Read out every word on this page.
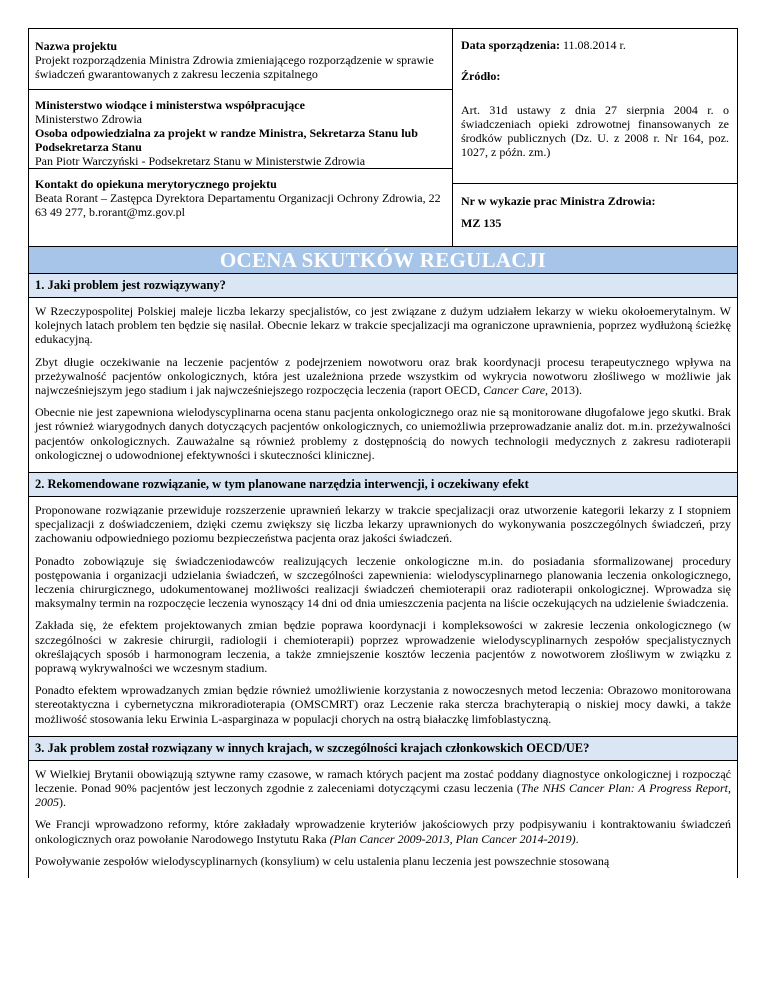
Nazwa projektu
Projekt rozporządzenia Ministra Zdrowia zmieniającego rozporządzenie w sprawie świadczeń gwarantowanych z zakresu leczenia szpitalnego
Ministerstwo wiodące i ministerstwa współpracujące
Ministerstwo Zdrowia
Osoba odpowiedzialna za projekt w randze Ministra, Sekretarza Stanu lub Podsekretarza Stanu
Pan Piotr Warczyński - Podsekretarz Stanu w Ministerstwie Zdrowia
Kontakt do opiekuna merytorycznego projektu
Beata Rorant – Zastępca Dyrektora Departamentu Organizacji Ochrony Zdrowia, 22 63 49 277, b.rorant@mz.gov.pl
Data sporządzenia: 11.08.2014 r.
Źródło:
Art. 31d ustawy z dnia 27 sierpnia 2004 r. o świadczeniach opieki zdrowotnej finansowanych ze środków publicznych (Dz. U. z 2008 r. Nr 164, poz. 1027, z późn. zm.)
Nr w wykazie prac Ministra Zdrowia:
MZ 135
OCENA SKUTKÓW REGULACJI
1. Jaki problem jest rozwiązywany?

W Rzeczypospolitej Polskiej maleje liczba lekarzy specjalistów, co jest związane z dużym udziałem lekarzy w wieku okołoemerytalnym. W kolejnych latach problem ten będzie się nasilał. Obecnie lekarz w trakcie specjalizacji ma ograniczone uprawnienia, poprzez wydłużoną ścieżkę edukacyjną.

Zbyt długie oczekiwanie na leczenie pacjentów z podejrzeniem nowotworu oraz brak koordynacji procesu terapeutycznego wpływa na przeżywalność pacjentów onkologicznych, która jest uzależniona przede wszystkim od wykrycia nowotworu złośliwego w możliwie jak najwcześniejszym jego stadium i jak najwcześniejszego rozpoczęcia leczenia (raport OECD, Cancer Care, 2013).

Obecnie nie jest zapewniona wielodyscyplinarna ocena stanu pacjenta onkologicznego oraz nie są monitorowane długofalowe jego skutki. Brak jest również wiarygodnych danych dotyczących pacjentów onkologicznych, co uniemożliwia przeprowadzanie analiz dot. m.in. przeżywalności pacjentów onkologicznych. Zauważalne są również problemy z dostępnością do nowych technologii medycznych z zakresu radioterapii onkologicznej o udowodnionej efektywności i skuteczności klinicznej.

2. Rekomendowane rozwiązanie, w tym planowane narzędzia interwencji, i oczekiwany efekt

Proponowane rozwiązanie przewiduje rozszerzenie uprawnień lekarzy w trakcie specjalizacji oraz utworzenie kategorii lekarzy z I stopniem specjalizacji z doświadczeniem, dzięki czemu zwiększy się liczba lekarzy uprawnionych do wykonywania poszczególnych świadczeń, przy zachowaniu odpowiedniego poziomu bezpieczeństwa pacjenta oraz jakości świadczeń.

Ponadto zobowiązuje się świadczeniodawców realizujących leczenie onkologiczne m.in. do posiadania sformalizowanej procedury postępowania i organizacji udzielania świadczeń, w szczególności zapewnienia: wielodyscyplinarnego planowania leczenia onkologicznego, leczenia chirurgicznego, udokumentowanej możliwości realizacji świadczeń chemioterapii oraz radioterapii onkologicznej. Wprowadza się maksymalny termin na rozpoczęcie leczenia wynoszący 14 dni od dnia umieszczenia pacjenta na liście oczekujących na udzielenie świadczenia.

Zakłada się, że efektem projektowanych zmian będzie poprawa koordynacji i kompleksowości w zakresie leczenia onkologicznego (w szczególności w zakresie chirurgii, radiologii i chemioterapii) poprzez wprowadzenie wielodyscyplinarnych zespołów specjalistycznych określających sposób i harmonogram leczenia, a także zmniejszenie kosztów leczenia pacjentów z nowotworem złośliwym w związku z poprawą wykrywalności we wczesnym stadium.

Ponadto efektem wprowadzanych zmian będzie również umożliwienie korzystania z nowoczesnych metod leczenia: Obrazowo monitorowana stereotaktyczna i cybernetyczna mikroradioterapia (OMSCMRT) oraz Leczenie raka stercza brachyterapią o niskiej mocy dawki, a także możliwość stosowania leku Erwinia L-asparginaza w populacji chorych na ostrą białaczkę limfoblastyczną.

3. Jak problem został rozwiązany w innych krajach, w szczególności krajach członkowskich OECD/UE?

W Wielkiej Brytanii obowiązują sztywne ramy czasowe, w ramach których pacjent ma zostać poddany diagnostyce onkologicznej i rozpocząć leczenie. Ponad 90% pacjentów jest leczonych zgodnie z zaleceniami dotyczącymi czasu leczenia (The NHS Cancer Plan: A Progress Report, 2005).

We Francji wprowadzono reformy, które zakładały wprowadzenie kryteriów jakościowych przy podpisywaniu i kontraktowaniu świadczeń onkologicznych oraz powołanie Narodowego Instytutu Raka (Plan Cancer 2009-2013, Plan Cancer 2014-2019).

Powoływanie zespołów wielodyscyplinarnych (konsylium) w celu ustalenia planu leczenia jest powszechnie stosowaną
